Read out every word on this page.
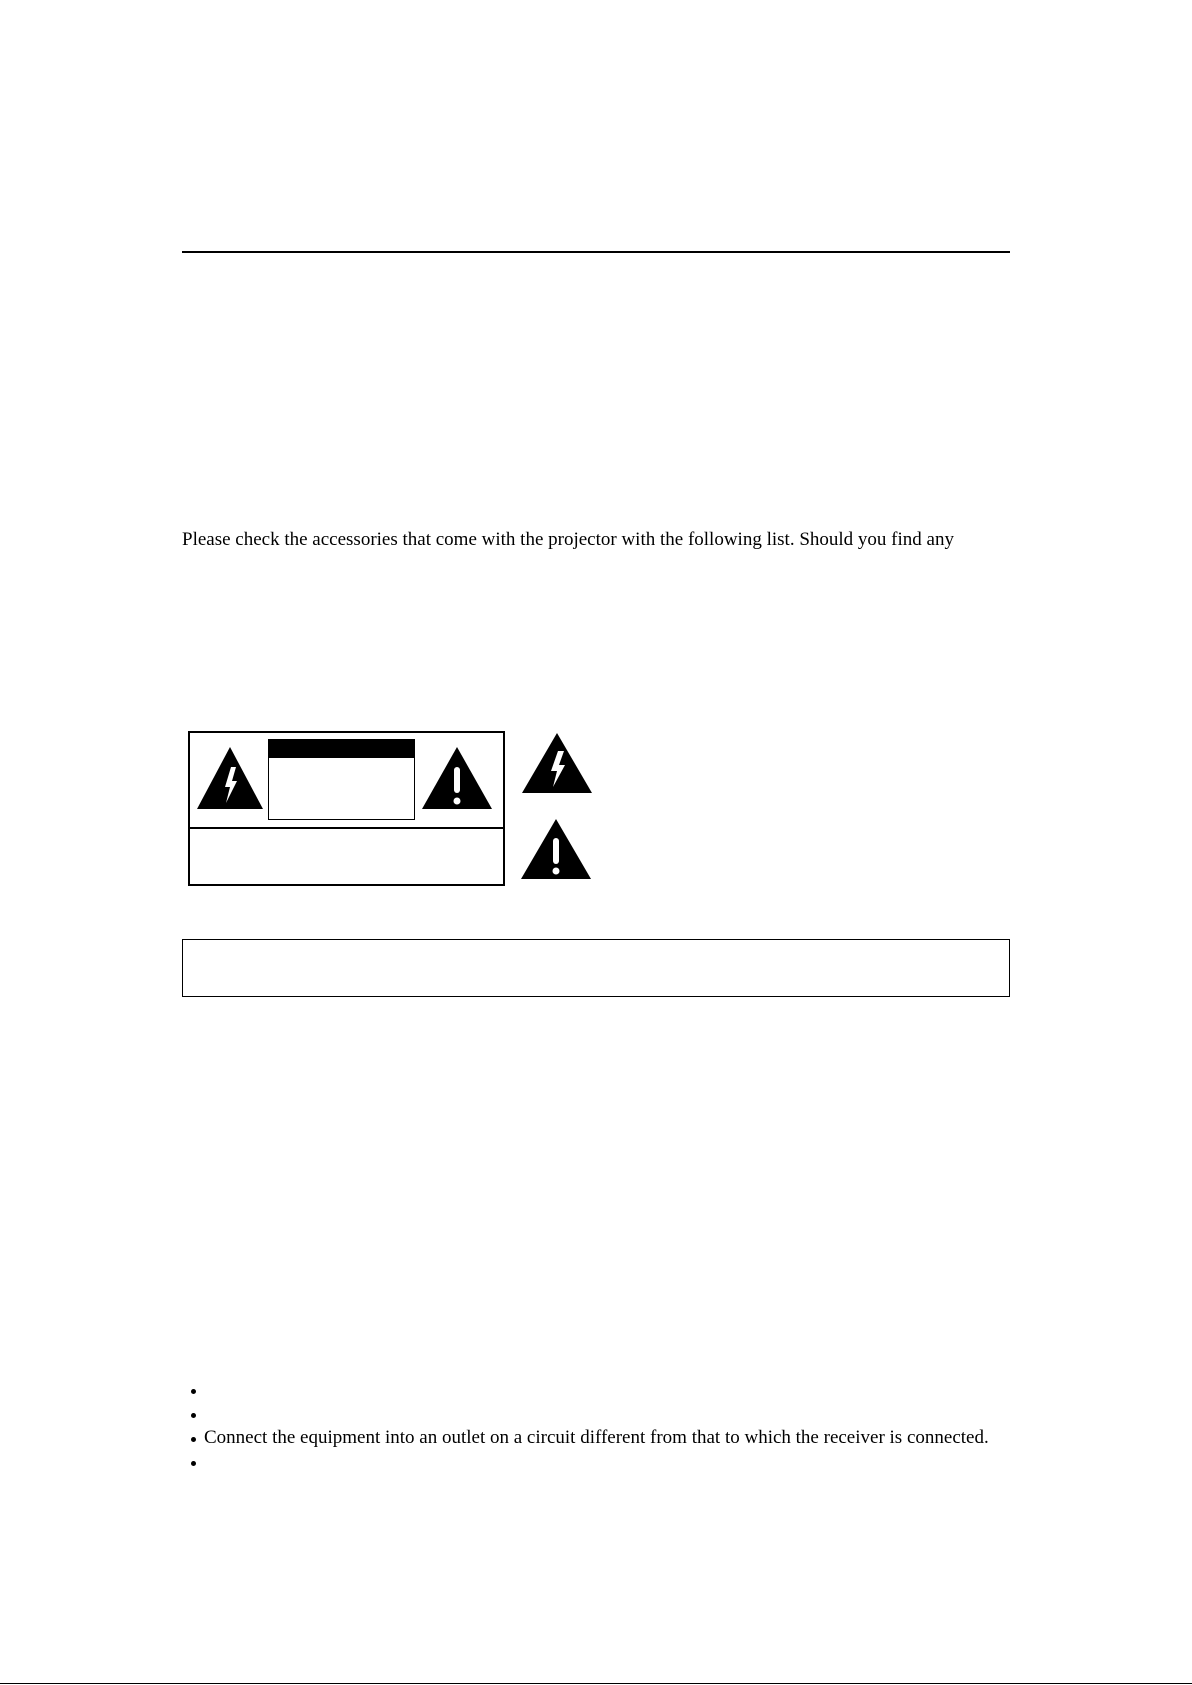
Please check the accessories that come with the projector with the following list. Should you find any
Connect the equipment into an outlet on a circuit different from that to which the receiver is connected.
